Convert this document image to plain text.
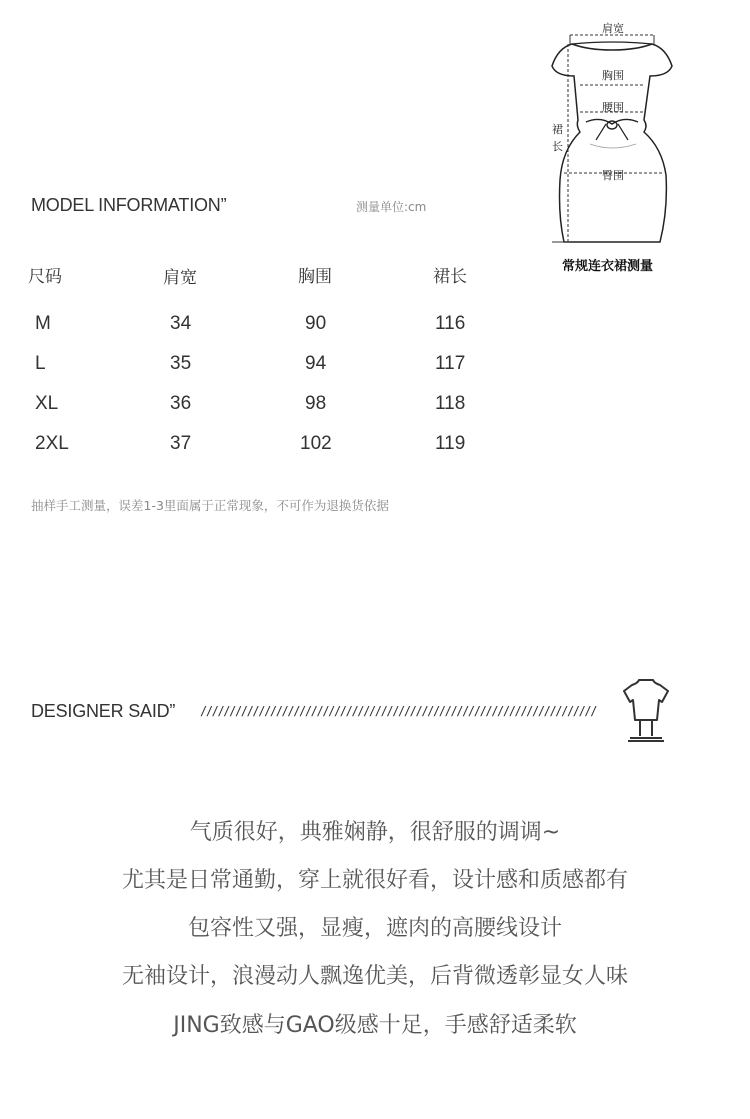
肩宽
胸围
腰围
臀围
裙
长
常规连衣裙测量
MODEL INFORMATION”	测量单位:cm
尺码	肩宽	胸围	裙长
M	34	90	116
L	35	94	117
XL	36	98	118
2XL	37	102	119
抽样手工测量，误差1-3里面属于正常现象，不可作为退换货依据
DESIGNER SAID” ////////////////////////////////////////////////////////////////////
气质很好，典雅娴静，很舒服的调调~
尤其是日常通勤，穿上就很好看，设计感和质感都有
包容性又强，显瘦，遮肉的高腰线设计
无袖设计，浪漫动人飘逸优美，后背微透彰显女人味
JING致感与GAO级感十足，手感舒适柔软
